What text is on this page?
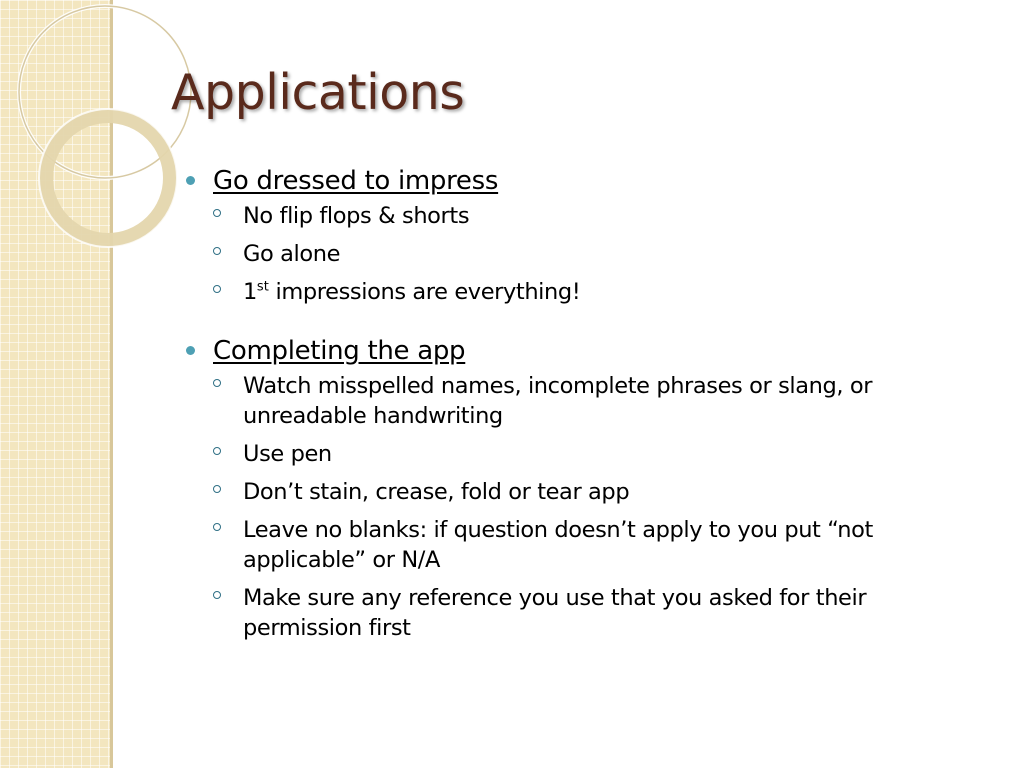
Applications
Go dressed to impress
No flip flops & shorts
Go alone
1st impressions are everything!
Completing the app
Watch misspelled names, incomplete phrases or slang, or unreadable handwriting
Use pen
Don’t stain, crease, fold or tear app
Leave no blanks: if question doesn’t apply to you put “not applicable” or N/A
Make sure any reference you use that you asked for their permission first
